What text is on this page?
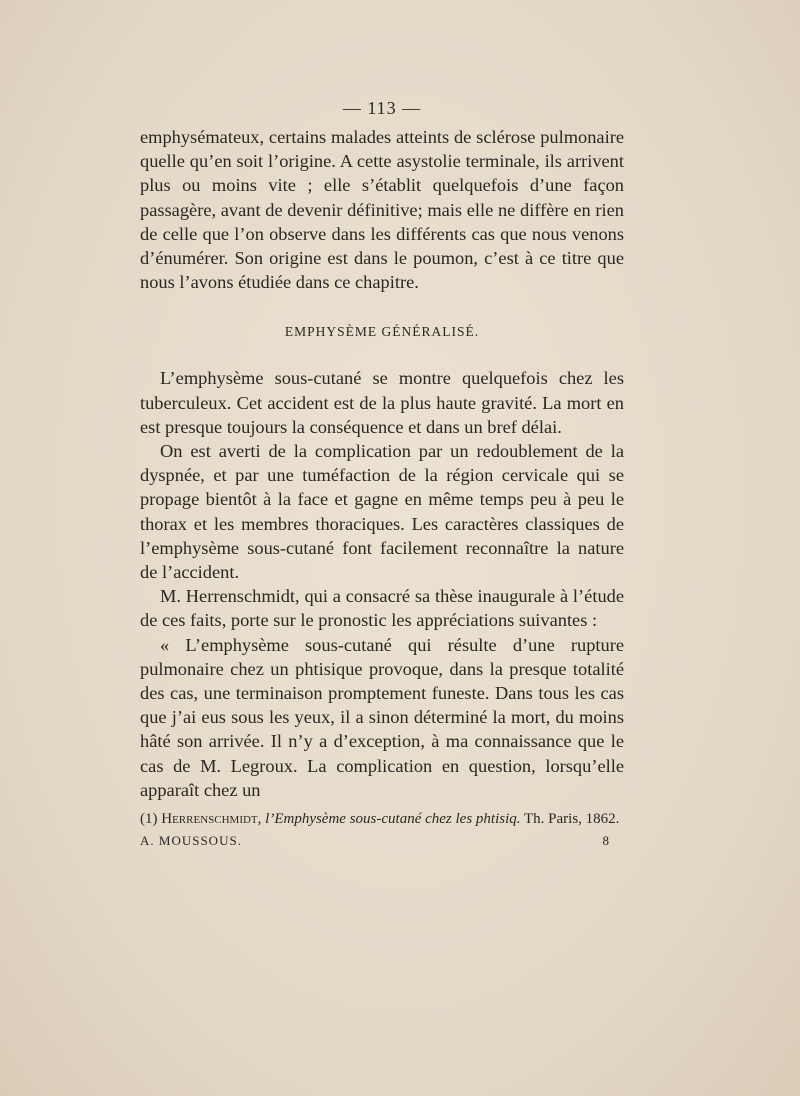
— 113 —

emphysémateux, certains malades atteints de sclérose pulmonaire quelle qu’en soit l’origine. A cette asystolie terminale, ils arrivent plus ou moins vite ; elle s’établit quelquefois d’une façon passagère, avant de devenir définitive; mais elle ne diffère en rien de celle que l’on observe dans les différents cas que nous venons d’énumérer. Son origine est dans le poumon, c’est à ce titre que nous l’avons étudiée dans ce chapitre.

EMPHYSÈME GÉNÉRALISÉ.

L’emphysème sous-cutané se montre quelquefois chez les tuberculeux. Cet accident est de la plus haute gravité. La mort en est presque toujours la conséquence et dans un bref délai.

On est averti de la complication par un redoublement de la dyspnée, et par une tuméfaction de la région cervicale qui se propage bientôt à la face et gagne en même temps peu à peu le thorax et les membres thoraciques. Les caractères classiques de l’emphysème sous-cutané font facilement reconnaître la nature de l’accident.

M. Herrenschmidt, qui a consacré sa thèse inaugurale à l’étude de ces faits, porte sur le pronostic les appréciations suivantes :

« L’emphysème sous-cutané qui résulte d’une rupture pulmonaire chez un phtisique provoque, dans la presque totalité des cas, une terminaison promptement funeste. Dans tous les cas que j’ai eus sous les yeux, il a sinon déterminé la mort, du moins hâté son arrivée. Il n’y a d’exception, à ma connaissance que le cas de M. Legroux. La complication en question, lorsqu’elle apparaît chez un

(1) Herrenschmidt, l’Emphysème sous-cutané chez les phtisiq. Th. Paris, 1862.
A. MOUSSOUS.	8
